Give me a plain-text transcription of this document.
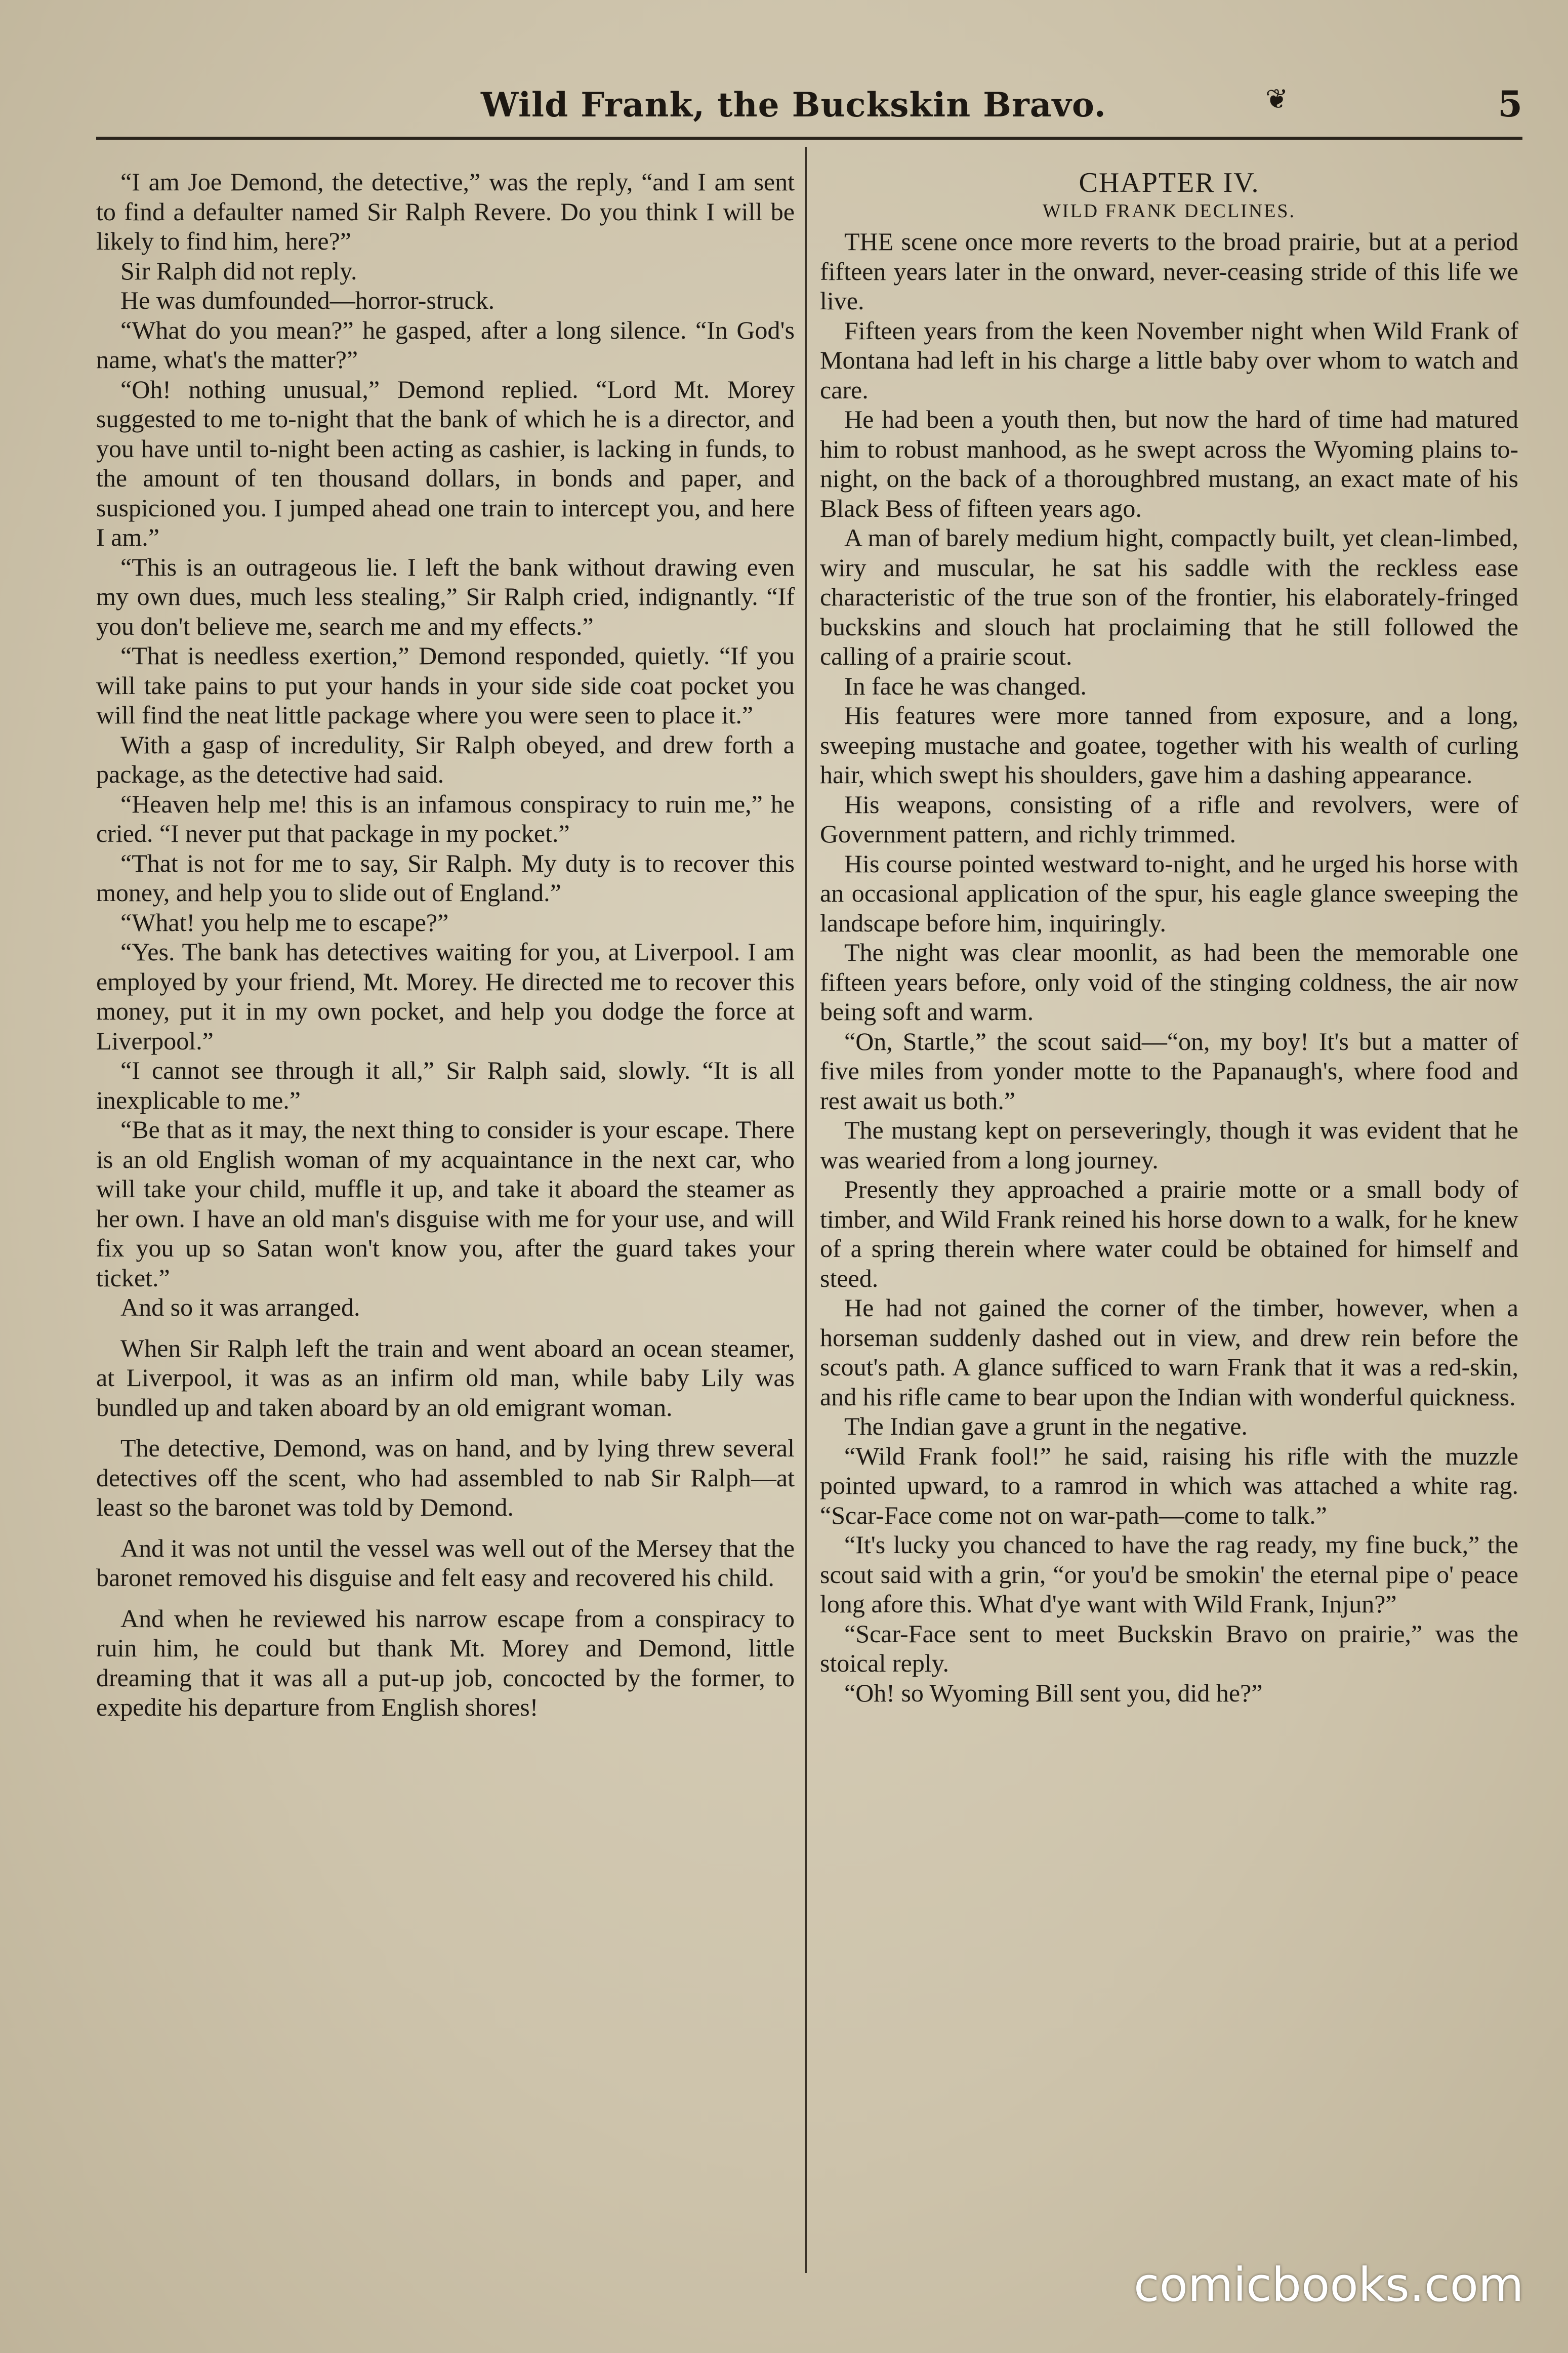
Wild Frank, the Buckskin Bravo.	❦	5

“I am Joe Demond, the detective,” was the reply, “and I am sent to find a defaulter named Sir Ralph Revere. Do you think I will be likely to find him, here?”

Sir Ralph did not reply.

He was dumfounded—horror-struck.

“What do you mean?” he gasped, after a long silence. “In God's name, what's the matter?”

“Oh! nothing unusual,” Demond replied. “Lord Mt. Morey suggested to me to-night that the bank of which he is a director, and you have until to-night been acting as cashier, is lacking in funds, to the amount of ten thousand dollars, in bonds and paper, and suspicioned you. I jumped ahead one train to intercept you, and here I am.”

“This is an outrageous lie. I left the bank without drawing even my own dues, much less stealing,” Sir Ralph cried, indignantly. “If you don't believe me, search me and my effects.”

“That is needless exertion,” Demond responded, quietly. “If you will take pains to put your hands in your side side coat pocket you will find the neat little package where you were seen to place it.”

With a gasp of incredulity, Sir Ralph obeyed, and drew forth a package, as the detective had said.

“Heaven help me! this is an infamous conspiracy to ruin me,” he cried. “I never put that package in my pocket.”

“That is not for me to say, Sir Ralph. My duty is to recover this money, and help you to slide out of England.”

“What! you help me to escape?”

“Yes. The bank has detectives waiting for you, at Liverpool. I am employed by your friend, Mt. Morey. He directed me to recover this money, put it in my own pocket, and help you dodge the force at Liverpool.”

“I cannot see through it all,” Sir Ralph said, slowly. “It is all inexplicable to me.”

“Be that as it may, the next thing to consider is your escape. There is an old English woman of my acquaintance in the next car, who will take your child, muffle it up, and take it aboard the steamer as her own. I have an old man's disguise with me for your use, and will fix you up so Satan won't know you, after the guard takes your ticket.”

And so it was arranged.

When Sir Ralph left the train and went aboard an ocean steamer, at Liverpool, it was as an infirm old man, while baby Lily was bundled up and taken aboard by an old emigrant woman.

The detective, Demond, was on hand, and by lying threw several detectives off the scent, who had assembled to nab Sir Ralph—at least so the baronet was told by Demond.

And it was not until the vessel was well out of the Mersey that the baronet removed his disguise and felt easy and recovered his child.

And when he reviewed his narrow escape from a conspiracy to ruin him, he could but thank Mt. Morey and Demond, little dreaming that it was all a put-up job, concocted by the former, to expedite his departure from English shores!

CHAPTER IV.

WILD FRANK DECLINES.

THE scene once more reverts to the broad prairie, but at a period fifteen years later in the onward, never-ceasing stride of this life we live.

Fifteen years from the keen November night when Wild Frank of Montana had left in his charge a little baby over whom to watch and care.

He had been a youth then, but now the hard of time had matured him to robust manhood, as he swept across the Wyoming plains to-night, on the back of a thoroughbred mustang, an exact mate of his Black Bess of fifteen years ago.

A man of barely medium hight, compactly built, yet clean-limbed, wiry and muscular, he sat his saddle with the reckless ease characteristic of the true son of the frontier, his elaborately-fringed buckskins and slouch hat proclaiming that he still followed the calling of a prairie scout.

In face he was changed.

His features were more tanned from exposure, and a long, sweeping mustache and goatee, together with his wealth of curling hair, which swept his shoulders, gave him a dashing appearance.

His weapons, consisting of a rifle and revolvers, were of Government pattern, and richly trimmed.

His course pointed westward to-night, and he urged his horse with an occasional application of the spur, his eagle glance sweeping the landscape before him, inquiringly.

The night was clear moonlit, as had been the memorable one fifteen years before, only void of the stinging coldness, the air now being soft and warm.

“On, Startle,” the scout said—“on, my boy! It's but a matter of five miles from yonder motte to the Papanaugh's, where food and rest await us both.”

The mustang kept on perseveringly, though it was evident that he was wearied from a long journey.

Presently they approached a prairie motte or a small body of timber, and Wild Frank reined his horse down to a walk, for he knew of a spring therein where water could be obtained for himself and steed.

He had not gained the corner of the timber, however, when a horseman suddenly dashed out in view, and drew rein before the scout's path. A glance sufficed to warn Frank that it was a red-skin, and his rifle came to bear upon the Indian with wonderful quickness.

The Indian gave a grunt in the negative.

“Wild Frank fool!” he said, raising his rifle with the muzzle pointed upward, to a ramrod in which was attached a white rag. “Scar-Face come not on war-path—come to talk.”

“It's lucky you chanced to have the rag ready, my fine buck,” the scout said with a grin, “or you'd be smokin' the eternal pipe o' peace long afore this. What d'ye want with Wild Frank, Injun?”

“Scar-Face sent to meet Buckskin Bravo on prairie,” was the stoical reply.

“Oh! so Wyoming Bill sent you, did he?”

comicbooks.com
